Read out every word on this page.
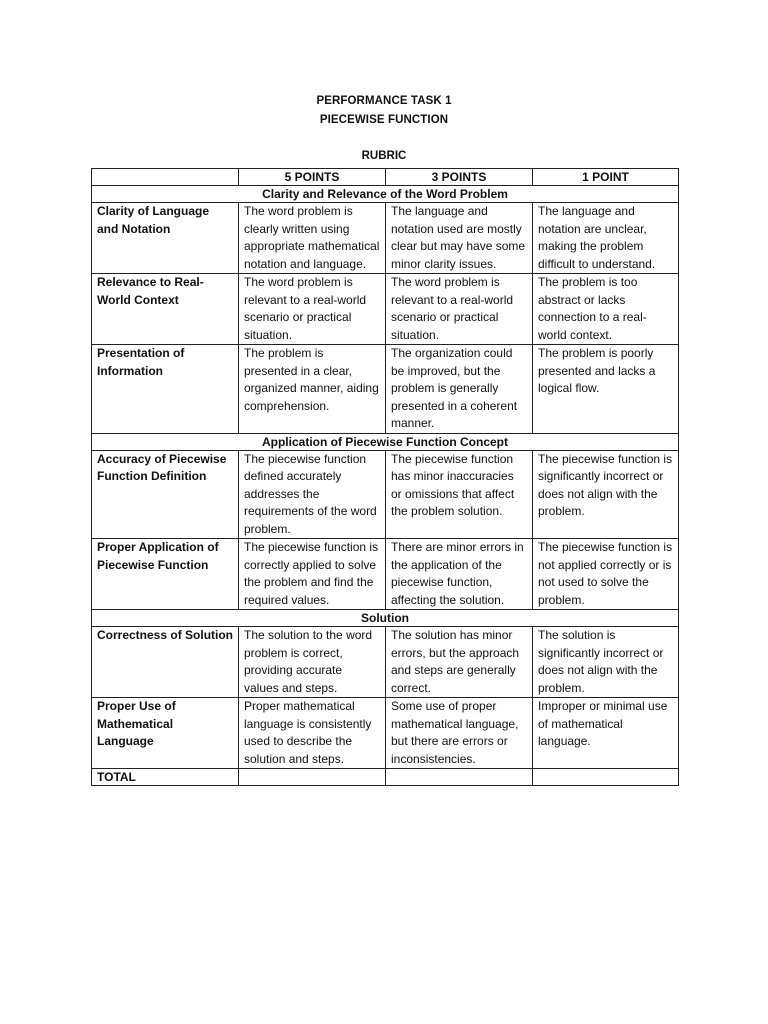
PERFORMANCE TASK 1
PIECEWISE FUNCTION
RUBRIC
	5 POINTS	3 POINTS	1 POINT
Clarity and Relevance of the Word Problem			
Clarity of Language and Notation	The word problem is clearly written using appropriate mathematical notation and language.	The language and notation used are mostly clear but may have some minor clarity issues.	The language and notation are unclear, making the problem difficult to understand.
Relevance to Real-World Context	The word problem is relevant to a real-world scenario or practical situation.	The word problem is relevant to a real-world scenario or practical situation.	The problem is too abstract or lacks connection to a real-world context.
Presentation of Information	The problem is presented in a clear, organized manner, aiding comprehension.	The organization could be improved, but the problem is generally presented in a coherent manner.	The problem is poorly presented and lacks a logical flow.
Application of Piecewise Function Concept			
Accuracy of Piecewise Function Definition	The piecewise function defined accurately addresses the requirements of the word problem.	The piecewise function has minor inaccuracies or omissions that affect the problem solution.	The piecewise function is significantly incorrect or does not align with the problem.
Proper Application of Piecewise Function	The piecewise function is correctly applied to solve the problem and find the required values.	There are minor errors in the application of the piecewise function, affecting the solution.	The piecewise function is not applied correctly or is not used to solve the problem.
Solution			
Correctness of Solution	The solution to the word problem is correct, providing accurate values and steps.	The solution has minor errors, but the approach and steps are generally correct.	The solution is significantly incorrect or does not align with the problem.
Proper Use of Mathematical Language	Proper mathematical language is consistently used to describe the solution and steps.	Some use of proper mathematical language, but there are errors or inconsistencies.	Improper or minimal use of mathematical language.
TOTAL			
